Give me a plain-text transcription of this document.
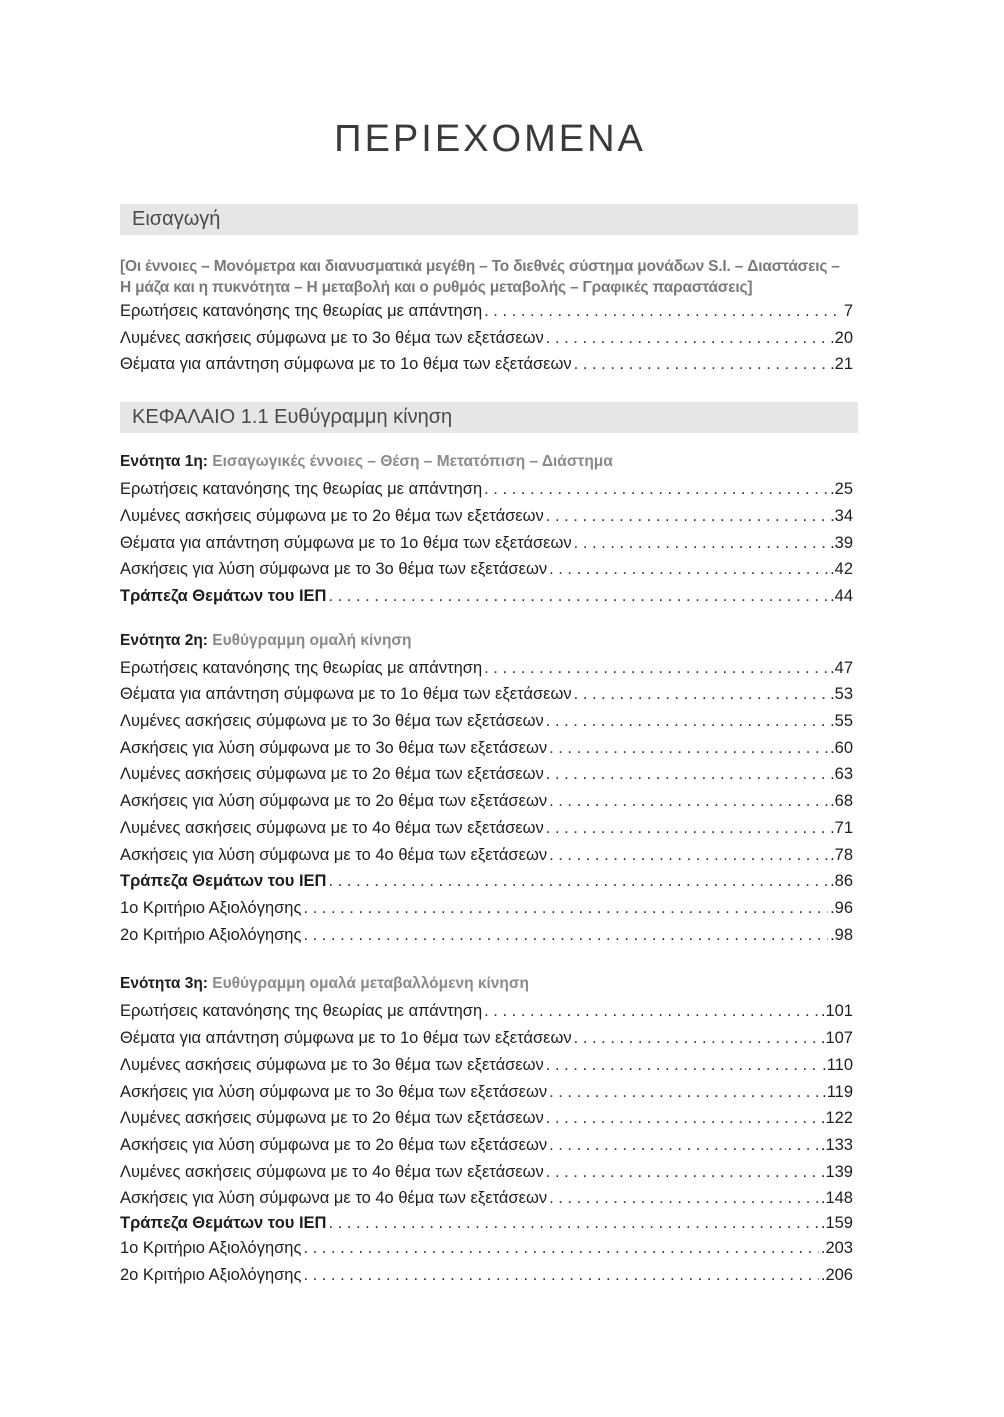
ΠΕΡΙΕΧΟΜΕΝΑ
Εισαγωγή
[Οι έννοιες – Μονόμετρα και διανυσματικά μεγέθη – Το διεθνές σύστημα μονάδων S.I. – Διαστάσεις –
Η μάζα και η πυκνότητα – Η μεταβολή και ο ρυθμός μεταβολής – Γραφικές παραστάσεις]
Ερωτήσεις κατανόησης της θεωρίας με απάντηση . . .	7
Λυμένες ασκήσεις σύμφωνα με το 3ο θέμα των εξετάσεων . . .	.20
Θέματα για απάντηση σύμφωνα με το 1ο θέμα των εξετάσεων . . .	.21
ΚΕΦΑΛΑΙΟ 1.1 Ευθύγραμμη κίνηση
Ενότητα 1η: Εισαγωγικές έννοιες – Θέση – Μετατόπιση – Διάστημα
Ερωτήσεις κατανόησης της θεωρίας με απάντηση . . .	.25
Λυμένες ασκήσεις σύμφωνα με το 2ο θέμα των εξετάσεων . . .	.34
Θέματα για απάντηση σύμφωνα με το 1ο θέμα των εξετάσεων . . .	.39
Ασκήσεις για λύση σύμφωνα με το 3ο θέμα των εξετάσεων . . .	.42
Τράπεζα Θεμάτων του ΙΕΠ . . .	.44
Ενότητα 2η: Ευθύγραμμη ομαλή κίνηση
Ερωτήσεις κατανόησης της θεωρίας με απάντηση . . .	.47
Θέματα για απάντηση σύμφωνα με το 1ο θέμα των εξετάσεων . . .	.53
Λυμένες ασκήσεις σύμφωνα με το 3ο θέμα των εξετάσεων . . .	.55
Ασκήσεις για λύση σύμφωνα με το 3ο θέμα των εξετάσεων . . .	.60
Λυμένες ασκήσεις σύμφωνα με το 2ο θέμα των εξετάσεων . . .	.63
Ασκήσεις για λύση σύμφωνα με το 2ο θέμα των εξετάσεων . . .	.68
Λυμένες ασκήσεις σύμφωνα με το 4ο θέμα των εξετάσεων . . .	.71
Ασκήσεις για λύση σύμφωνα με το 4ο θέμα των εξετάσεων . . .	.78
Τράπεζα Θεμάτων του ΙΕΠ . . .	.86
1ο Κριτήριο Αξιολόγησης . . .	.96
2ο Κριτήριο Αξιολόγησης . . .	.98
Ενότητα 3η: Ευθύγραμμη ομαλά μεταβαλλόμενη κίνηση
Ερωτήσεις κατανόησης της θεωρίας με απάντηση . . .	.101
Θέματα για απάντηση σύμφωνα με το 1ο θέμα των εξετάσεων . . .	.107
Λυμένες ασκήσεις σύμφωνα με το 3ο θέμα των εξετάσεων . . .	.110
Ασκήσεις για λύση σύμφωνα με το 3ο θέμα των εξετάσεων . . .	.119
Λυμένες ασκήσεις σύμφωνα με το 2ο θέμα των εξετάσεων . . .	.122
Ασκήσεις για λύση σύμφωνα με το 2ο θέμα των εξετάσεων . . .	.133
Λυμένες ασκήσεις σύμφωνα με το 4ο θέμα των εξετάσεων . . .	.139
Ασκήσεις για λύση σύμφωνα με το 4ο θέμα των εξετάσεων . . .	.148
Τράπεζα Θεμάτων του ΙΕΠ . . .	.159
1ο Κριτήριο Αξιολόγησης . . .	.203
2ο Κριτήριο Αξιολόγησης . . .	.206
